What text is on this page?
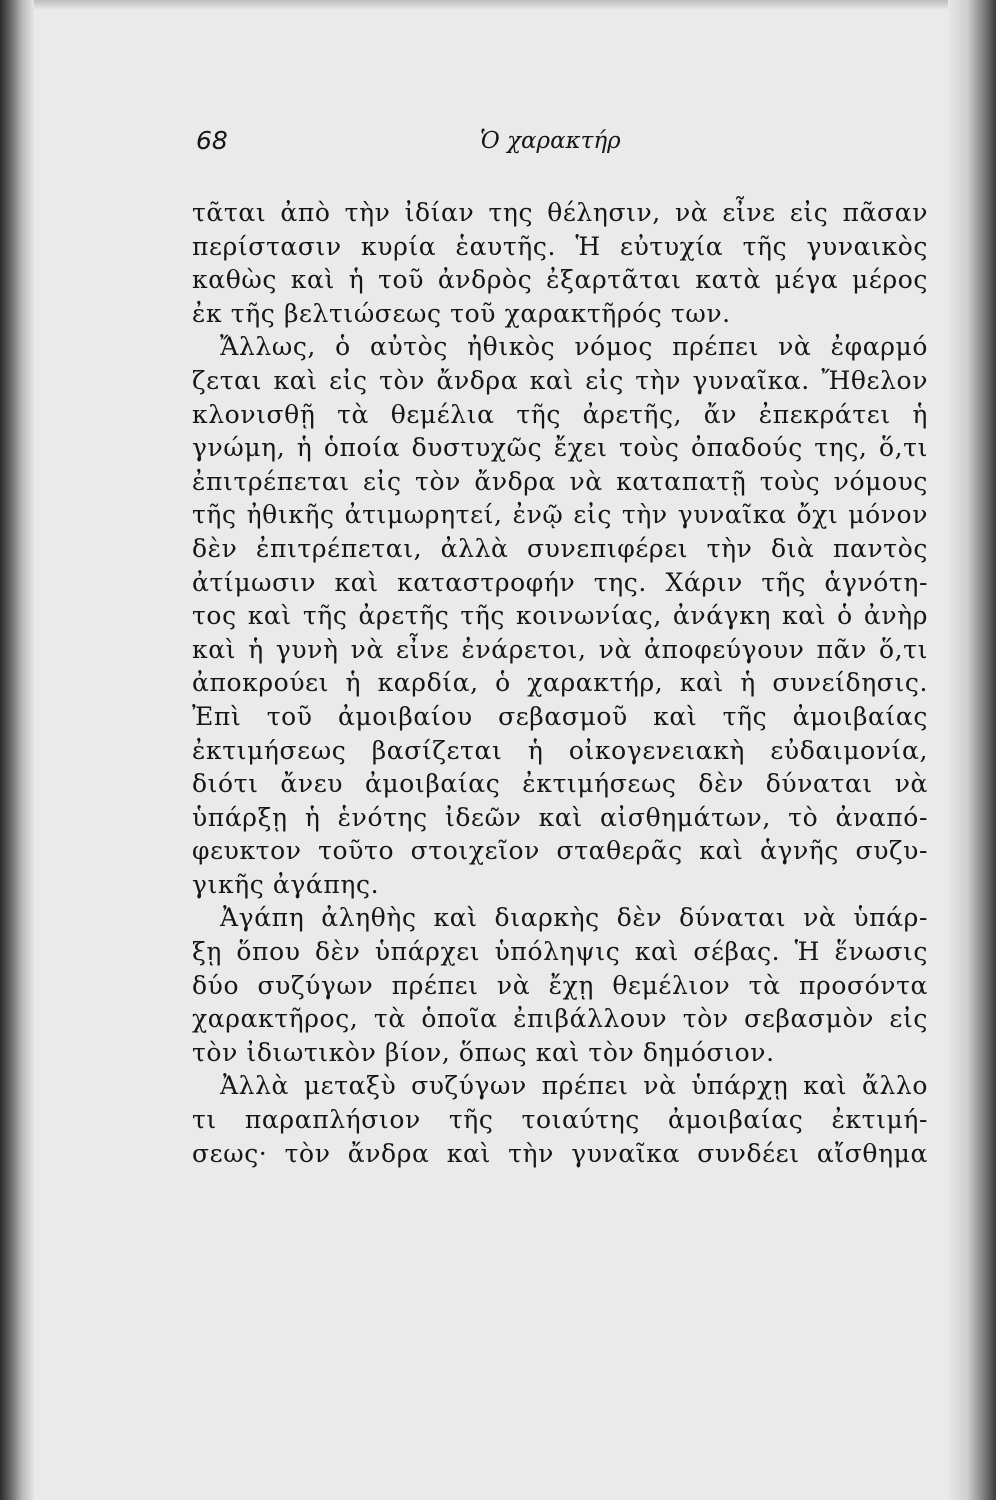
68	Ὁ χαρακτήρ
τᾶται ἀπὸ τὴν ἰδίαν της θέλησιν, νὰ εἶνε εἰς πᾶσαν
περίστασιν κυρία ἑαυτῆς. Ἡ εὐτυχία τῆς γυναικὸς
καθὼς καὶ ἡ τοῦ ἀνδρὸς ἐξαρτᾶται κατὰ μέγα μέρος
ἐκ τῆς βελτιώσεως τοῦ χαρακτῆρός των.
Ἄλλως, ὁ αὐτὸς ἠθικὸς νόμος πρέπει νὰ ἐφαρμό
ζεται καὶ εἰς τὸν ἄνδρα καὶ εἰς τὴν γυναῖκα. Ἤθελον
κλονισθῇ τὰ θεμέλια τῆς ἀρετῆς, ἄν ἐπεκράτει ἡ
γνώμη, ἡ ὁποία δυστυχῶς ἔχει τοὺς ὀπαδούς της, ὅ,τι
ἐπιτρέπεται εἰς τὸν ἄνδρα νὰ καταπατῇ τοὺς νόμους
τῆς ἠθικῆς ἀτιμωρητεί, ἐνῷ εἰς τὴν γυναῖκα ὄχι μόνον
δὲν ἐπιτρέπεται, ἀλλὰ συνεπιφέρει τὴν διὰ παντὸς
ἀτίμωσιν καὶ καταστροφήν της. Χάριν τῆς ἁγνότη-
τος καὶ τῆς ἀρετῆς τῆς κοινωνίας, ἀνάγκη καὶ ὁ ἀνὴρ
καὶ ἡ γυνὴ νὰ εἶνε ἐνάρετοι, νὰ ἀποφεύγουν πᾶν ὅ,τι
ἀποκρούει ἡ καρδία, ὁ χαρακτήρ, καὶ ἡ συνείδησις.
Ἐπὶ τοῦ ἀμοιβαίου σεβασμοῦ καὶ τῆς ἀμοιβαίας
ἐκτιμήσεως βασίζεται ἡ οἰκογενειακὴ εὐδαιμονία,
διότι ἄνευ ἀμοιβαίας ἐκτιμήσεως δὲν δύναται νὰ
ὑπάρξῃ ἡ ἑνότης ἰδεῶν καὶ αἰσθημάτων, τὸ ἀναπό-
φευκτον τοῦτο στοιχεῖον σταθερᾶς καὶ ἁγνῆς συζυ-
γικῆς ἀγάπης.
Ἀγάπη ἀληθὴς καὶ διαρκὴς δὲν δύναται νὰ ὑπάρ-
ξῃ ὅπου δὲν ὑπάρχει ὑπόληψις καὶ σέβας. Ἡ ἕνωσις
δύο συζύγων πρέπει νὰ ἔχῃ θεμέλιον τὰ προσόντα
χαρακτῆρος, τὰ ὁποῖα ἐπιβάλλουν τὸν σεβασμὸν εἰς
τὸν ἰδιωτικὸν βίον, ὅπως καὶ τὸν δημόσιον.
Ἀλλὰ μεταξὺ συζύγων πρέπει νὰ ὑπάρχῃ καὶ ἄλλο
τι παραπλήσιον τῆς τοιαύτης ἀμοιβαίας ἐκτιμή-
σεως· τὸν ἄνδρα καὶ τὴν γυναῖκα συνδέει αἴσθημα
